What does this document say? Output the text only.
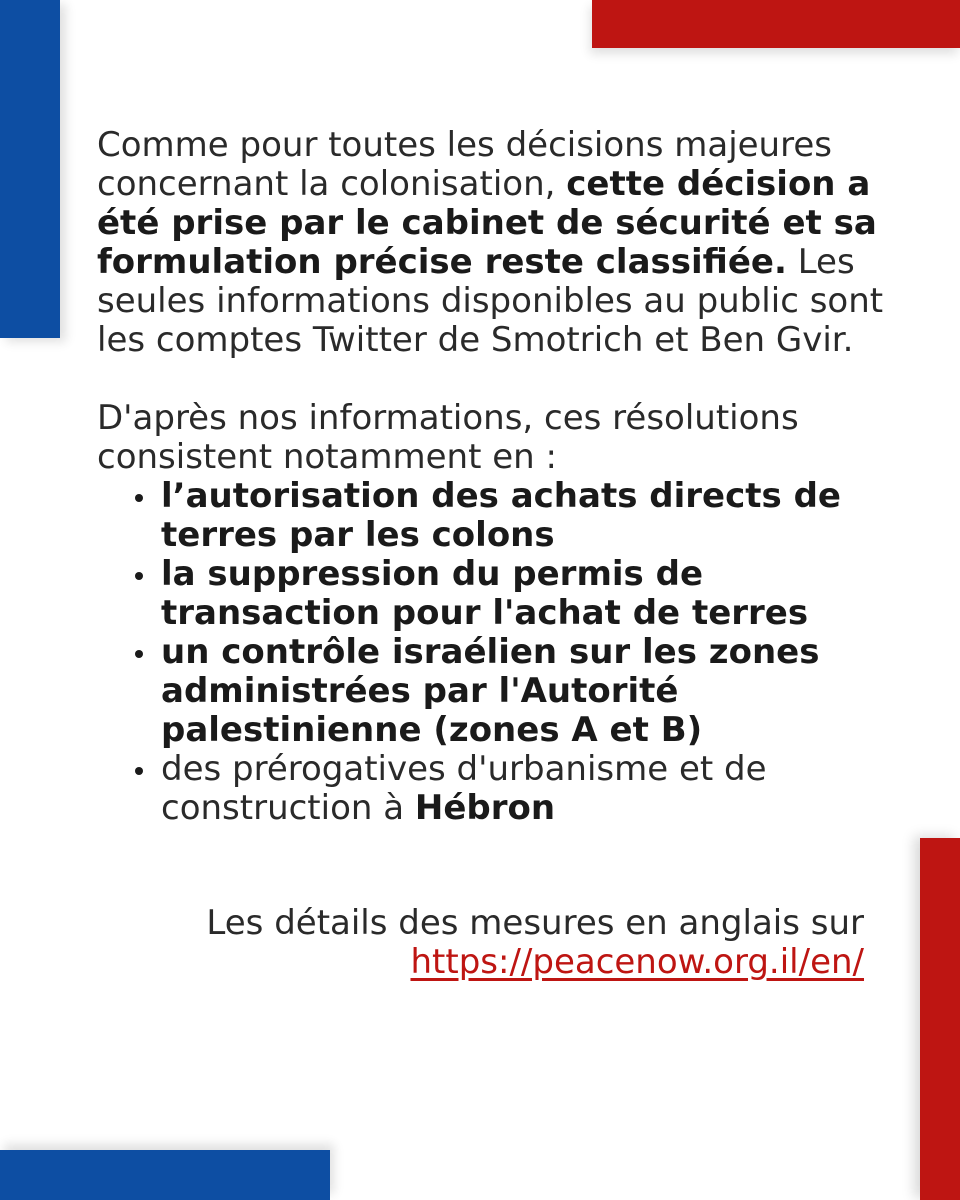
Comme pour toutes les décisions majeures concernant la colonisation, cette décision a été prise par le cabinet de sécurité et sa formulation précise reste classifiée. Les seules informations disponibles au public sont les comptes Twitter de Smotrich et Ben Gvir.

D'après nos informations, ces résolutions consistent notamment en :

l’autorisation des achats directs de terres par les colons
la suppression du permis de transaction pour l'achat de terres
un contrôle israélien sur les zones administrées par l'Autorité palestinienne (zones A et B)
des prérogatives d'urbanisme et de construction à Hébron
Les détails des mesures en anglais sur
https://peacenow.org.il/en/
